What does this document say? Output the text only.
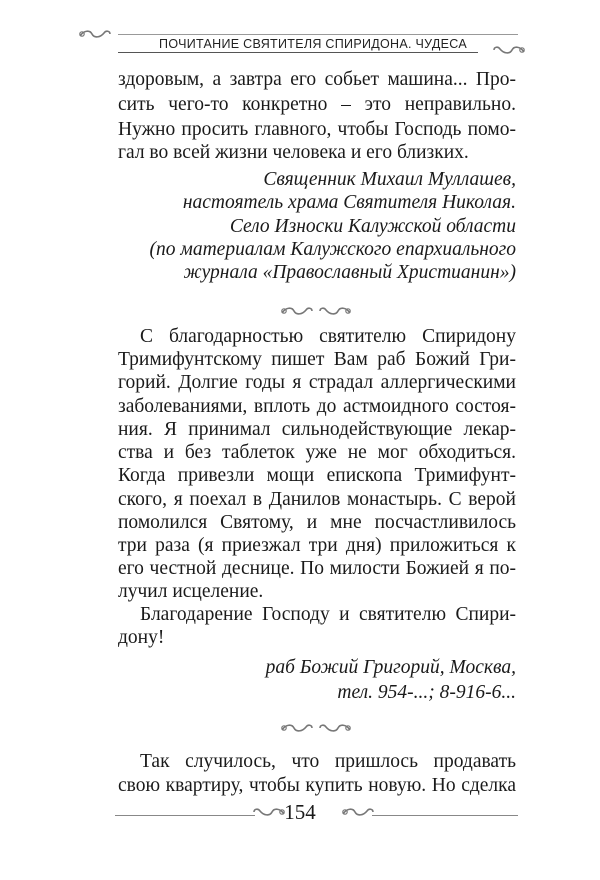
ПОЧИТАНИЕ СВЯТИТЕЛЯ СПИРИДОНА. ЧУДЕСА
здоровым, а завтра его собьет машина... Про-
сить чего-то конкретно – это неправильно.
Нужно просить главного, чтобы Господь помо-
гал во всей жизни человека и его близких.
Священник Михаил Муллашев,
настоятель храма Святителя Николая.
Село Износки Калужской области
(по материалам Калужского епархиального
журнала «Православный Христианин»)
С благодарностью святителю Спиридону
Тримифунтскому пишет Вам раб Божий Гри-
горий. Долгие годы я страдал аллергическими
заболеваниями, вплоть до астмоидного состоя-
ния. Я принимал сильнодействующие лекар-
ства и без таблеток уже не мог обходиться.
Когда привезли мощи епископа Тримифунт-
ского, я поехал в Данилов монастырь. С верой
помолился Святому, и мне посчастливилось
три раза (я приезжал три дня) приложиться к
его честной деснице. По милости Божией я по-
лучил исцеление.
Благодарение Господу и святителю Спири-
дону!
раб Божий Григорий, Москва,
тел. 954-...; 8-916-6...
Так случилось, что пришлось продавать
свою квартиру, чтобы купить новую. Но сделка
154
